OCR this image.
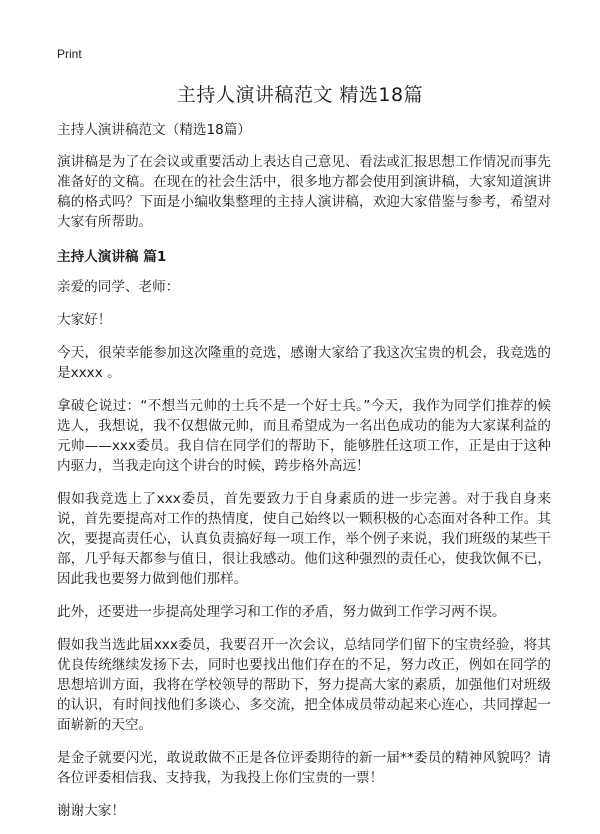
Print
主持人演讲稿范文 精选18篇

主持人演讲稿范文（精选18篇）

演讲稿是为了在会议或重要活动上表达自己意见、看法或汇报思想工作情况而事先准备好的文稿。在现在的社会生活中，很多地方都会使用到演讲稿，大家知道演讲稿的格式吗？下面是小编收集整理的主持人演讲稿，欢迎大家借鉴与参考，希望对大家有所帮助。

主持人演讲稿 篇1

亲爱的同学、老师：

大家好！

今天，很荣幸能参加这次隆重的竞选，感谢大家给了我这次宝贵的机会，我竞选的是xxxx 。

拿破仑说过：“不想当元帅的士兵不是一个好士兵。”今天，我作为同学们推荐的候选人，我想说，我不仅想做元帅，而且希望成为一名出色成功的能为大家谋利益的元帅——xxx委员。我自信在同学们的帮助下，能够胜任这项工作，正是由于这种内驱力，当我走向这个讲台的时候，跨步格外高远！

假如我竞选上了xxx委员，首先要致力于自身素质的进一步完善。对于我自身来说，首先要提高对工作的热情度，使自己始终以一颗积极的心态面对各种工作。其次，要提高责任心，认真负责搞好每一项工作，举个例子来说，我们班级的某些干部，几乎每天都参与值日，很让我感动。他们这种强烈的责任心，使我饮佩不已，因此我也要努力做到他们那样。

此外，还要进一步提高处理学习和工作的矛盾，努力做到工作学习两不误。

假如我当选此届xxx委员，我要召开一次会议，总结同学们留下的宝贵经验，将其优良传统继续发扬下去，同时也要找出他们存在的不足，努力改正，例如在同学的思想培训方面，我将在学校领导的帮助下，努力提高大家的素质，加强他们对班级的认识，有时间找他们多谈心、多交流，把全体成员带动起来心连心，共同撑起一面崭新的天空。

是金子就要闪光，敢说敢做不正是各位评委期待的新一届**委员的精神风貌吗？请各位评委相信我、支持我，为我投上你们宝贵的一票！

谢谢大家！
